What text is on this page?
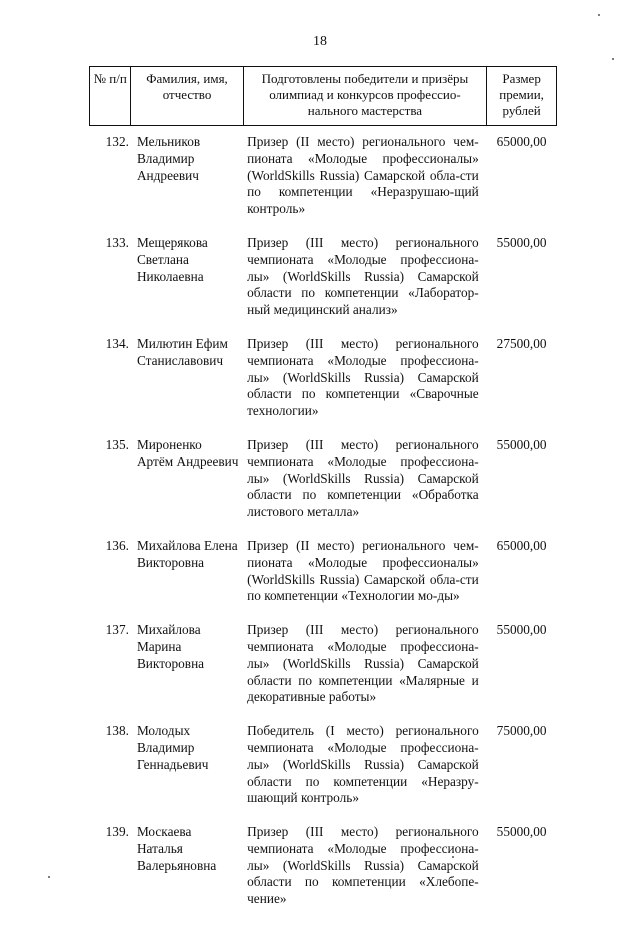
18
№ п/п	Фамилия, имя, отчество	Подготовлены победители и призёры олимпиад и конкурсов профессио-нального мастерства	Размер премии, рублей
132.	Мельников Владимир Андреевич	Призер (II место) регионального чем-пионата «Молодые профессионалы» (WorldSkills Russia) Самарской обла-сти по компетенции «Неразрушаю-щий контроль»	65000,00
133.	Мещерякова Светлана Николаевна	Призер (III место) регионального чемпионата «Молодые профессиона-лы» (WorldSkills Russia) Самарской области по компетенции «Лаборатор-ный медицинский анализ»	55000,00
134.	Милютин Ефим Станиславович	Призер (III место) регионального чемпионата «Молодые профессиона-лы» (WorldSkills Russia) Самарской области по компетенции «Сварочные технологии»	27500,00
135.	Мироненко Артём Андреевич	Призер (III место) регионального чемпионата «Молодые профессиона-лы» (WorldSkills Russia) Самарской области по компетенции «Обработка листового металла»	55000,00
136.	Михайлова Елена Викторовна	Призер (II место) регионального чем-пионата «Молодые профессионалы» (WorldSkills Russia) Самарской обла-сти по компетенции «Технологии мо-ды»	65000,00
137.	Михайлова Марина Викторовна	Призер (III место) регионального чемпионата «Молодые профессиона-лы» (WorldSkills Russia) Самарской области по компетенции «Малярные и декоративные работы»	55000,00
138.	Молодых Владимир Геннадьевич	Победитель (I место) регионального чемпионата «Молодые профессиона-лы» (WorldSkills Russia) Самарской области по компетенции «Неразру-шающий контроль»	75000,00
139.	Москаева Наталья Валерьяновна	Призер (III место) регионального чемпионата «Молодые профессиона-лы» (WorldSkills Russia) Самарской области по компетенции «Хлебопе-чение»	55000,00
